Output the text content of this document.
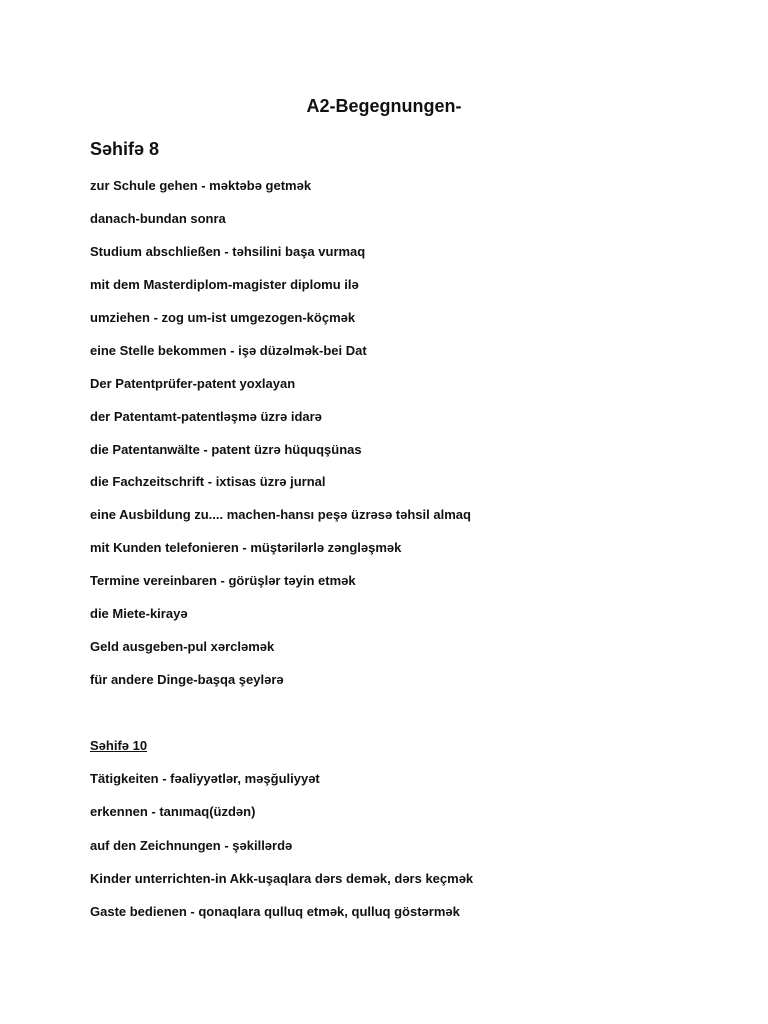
A2-Begegnungen-
Səhifə 8
zur Schule gehen - məktəbə getmək
danach-bundan sonra
Studium abschließen - təhsilini başa vurmaq
mit dem Masterdiplom-magister diplomu ilə
umziehen - zog um-ist umgezogen-köçmək
eine Stelle bekommen - işə düzəlmək-bei Dat
Der Patentprüfer-patent yoxlayan
der Patentamt-patentləşmə üzrə idarə
die Patentanwälte - patent üzrə hüquqşünas
die Fachzeitschrift - ixtisas üzrə jurnal
eine Ausbildung zu.... machen-hansı peşə üzrəsə təhsil almaq
mit Kunden telefonieren - müştərilərlə zəngləşmək
Termine vereinbaren - görüşlər təyin etmək
die Miete-kirayə
Geld ausgeben-pul xərcləmək
für andere Dinge-başqa şeylərə
Səhifə 10
Tätigkeiten - fəaliyyətlər, məşğuliyyət
erkennen - tanımaq(üzdən)
auf den Zeichnungen - şəkillərdə
Kinder unterrichten-in Akk-uşaqlara dərs demək, dərs keçmək
Gaste bedienen - qonaqlara qulluq etmək, qulluq göstərmək
